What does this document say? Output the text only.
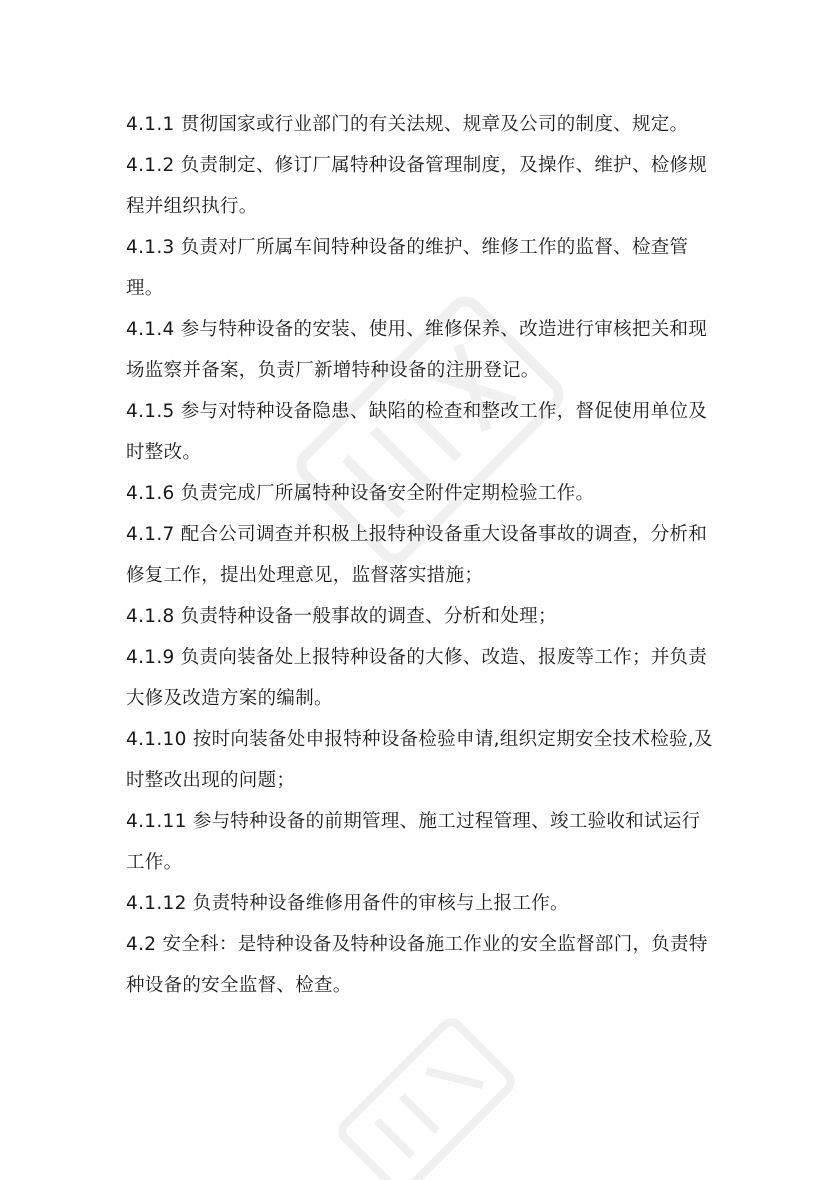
4.1.1 贯彻国家或行业部门的有关法规、规章及公司的制度、规定。

4.1.2 负责制定、修订厂属特种设备管理制度，及操作、维护、检修规程并组织执行。

4.1.3 负责对厂所属车间特种设备的维护、维修工作的监督、检查管理。

4.1.4 参与特种设备的安装、使用、维修保养、改造进行审核把关和现场监察并备案，负责厂新增特种设备的注册登记。

4.1.5 参与对特种设备隐患、缺陷的检查和整改工作，督促使用单位及时整改。

4.1.6 负责完成厂所属特种设备安全附件定期检验工作。

4.1.7 配合公司调查并积极上报特种设备重大设备事故的调查，分析和修复工作，提出处理意见，监督落实措施；

4.1.8 负责特种设备一般事故的调查、分析和处理；

4.1.9 负责向装备处上报特种设备的大修、改造、报废等工作；并负责大修及改造方案的编制。

4.1.10 按时向装备处申报特种设备检验申请,组织定期安全技术检验,及时整改出现的问题；

4.1.11 参与特种设备的前期管理、施工过程管理、竣工验收和试运行工作。

4.1.12 负责特种设备维修用备件的审核与上报工作。

4.2 安全科：是特种设备及特种设备施工作业的安全监督部门，负责特种设备的安全监督、检查。
